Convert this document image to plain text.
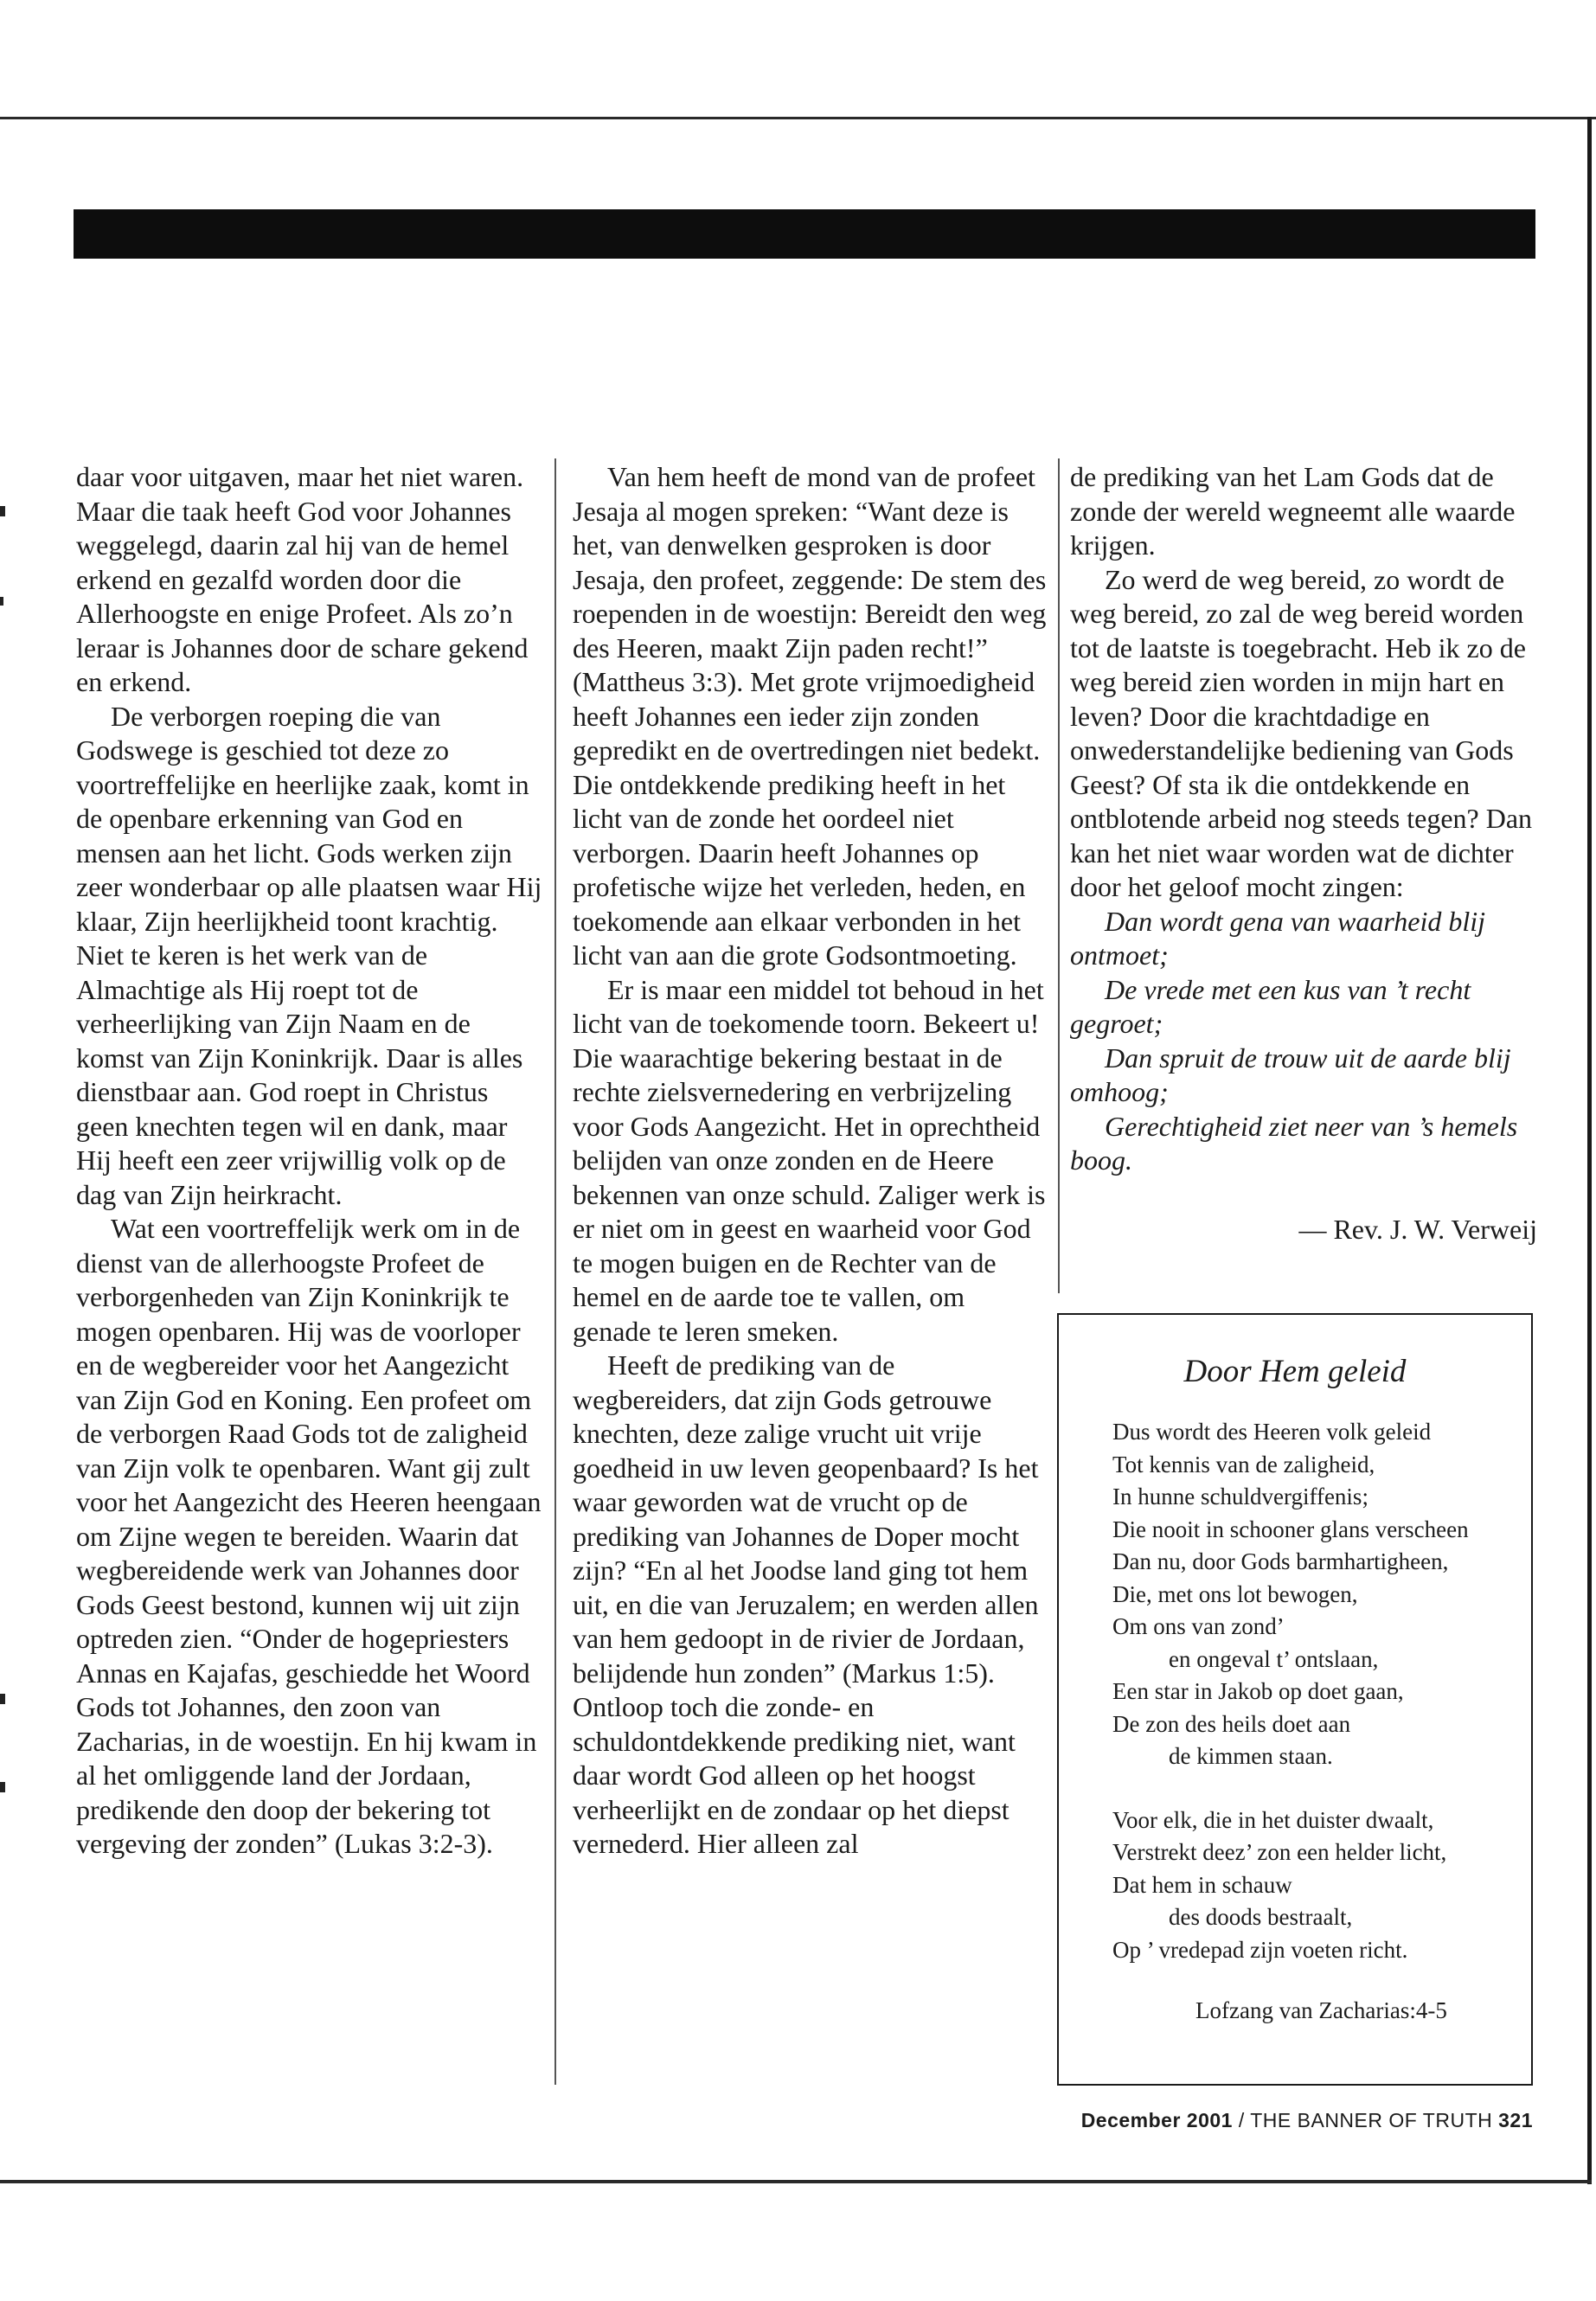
daar voor uitgaven, maar het niet waren. Maar die taak heeft God voor Johannes weggelegd, daarin zal hij van de hemel erkend en gezalfd worden door die Allerhoogste en enige Profeet. Als zo’n leraar is Johannes door de schare gekend en erkend.

De verborgen roeping die van Godswege is geschied tot deze zo voortreffelijke en heerlijke zaak, komt in de openbare erkenning van God en mensen aan het licht. Gods werken zijn zeer wonderbaar op alle plaatsen waar Hij klaar, Zijn heerlijkheid toont krachtig. Niet te keren is het werk van de Almachtige als Hij roept tot de verheerlijking van Zijn Naam en de komst van Zijn Koninkrijk. Daar is alles dienstbaar aan. God roept in Christus geen knechten tegen wil en dank, maar Hij heeft een zeer vrijwillig volk op de dag van Zijn heirkracht.

Wat een voortreffelijk werk om in de dienst van de allerhoogste Profeet de verborgenheden van Zijn Koninkrijk te mogen openbaren. Hij was de voorloper en de wegbereider voor het Aangezicht van Zijn God en Koning. Een profeet om de verborgen Raad Gods tot de zaligheid van Zijn volk te openbaren. Want gij zult voor het Aangezicht des Heeren heengaan om Zijne wegen te bereiden. Waarin dat wegbereidende werk van Johannes door Gods Geest bestond, kunnen wij uit zijn optreden zien. “Onder de hogepriesters Annas en Kajafas, geschiedde het Woord Gods tot Johannes, den zoon van Zacharias, in de woestijn. En hij kwam in al het omliggende land der Jordaan, predikende den doop der bekering tot vergeving der zonden” (Lukas 3:2-3).

Van hem heeft de mond van de profeet Jesaja al mogen spreken: “Want deze is het, van denwelken gesproken is door Jesaja, den profeet, zeggende: De stem des roependen in de woestijn: Bereidt den weg des Heeren, maakt Zijn paden recht!” (Mattheus 3:3). Met grote vrijmoedigheid heeft Johannes een ieder zijn zonden gepredikt en de overtredingen niet bedekt. Die ontdekkende prediking heeft in het licht van de zonde het oordeel niet verborgen. Daarin heeft Johannes op profetische wijze het verleden, heden, en toekomende aan elkaar verbonden in het licht van aan die grote Godsontmoeting.

Er is maar een middel tot behoud in het licht van de toekomende toorn. Bekeert u! Die waarachtige bekering bestaat in de rechte zielsvernedering en verbrijzeling voor Gods Aangezicht. Het in oprechtheid belijden van onze zonden en de Heere bekennen van onze schuld. Zaliger werk is er niet om in geest en waarheid voor God te mogen buigen en de Rechter van de hemel en de aarde toe te vallen, om genade te leren smeken.

Heeft de prediking van de wegbereiders, dat zijn Gods getrouwe knechten, deze zalige vrucht uit vrije goedheid in uw leven geopenbaard? Is het waar geworden wat de vrucht op de prediking van Johannes de Doper mocht zijn? “En al het Joodse land ging tot hem uit, en die van Jeruzalem; en werden allen van hem gedoopt in de rivier de Jordaan, belijdende hun zonden” (Markus 1:5). Ontloop toch die zonde- en schuldontdekkende prediking niet, want daar wordt God alleen op het hoogst verheerlijkt en de zondaar op het diepst vernederd. Hier alleen zal

de prediking van het Lam Gods dat de zonde der wereld wegneemt alle waarde krijgen.

Zo werd de weg bereid, zo wordt de weg bereid, zo zal de weg bereid worden tot de laatste is toegebracht. Heb ik zo de weg bereid zien worden in mijn hart en leven? Door die krachtdadige en onwederstandelijke bediening van Gods Geest? Of sta ik die ontdekkende en ontblotende arbeid nog steeds tegen? Dan kan het niet waar worden wat de dichter door het geloof mocht zingen:

Dan wordt gena van waarheid blij ontmoet;

De vrede met een kus van ’t recht gegroet;

Dan spruit de trouw uit de aarde blij omhoog;

Gerechtigheid ziet neer van ’s hemels boog.

— Rev. J. W. Verweij
Door Hem geleid
Dus wordt des Heeren volk geleid
Tot kennis van de zaligheid,
In hunne schuldvergiffenis;
Die nooit in schooner glans verscheen
Dan nu, door Gods barmhartigheen,
Die, met ons lot bewogen,
Om ons van zond’
en ongeval t’ ontslaan,
Een star in Jakob op doet gaan,
De zon des heils doet aan
de kimmen staan.
Voor elk, die in het duister dwaalt,
Verstrekt deez’ zon een helder licht,
Dat hem in schauw
des doods bestraalt,
Op ’ vredepad zijn voeten richt.
Lofzang van Zacharias:4-5
December 2001 / THE BANNER OF TRUTH 321
